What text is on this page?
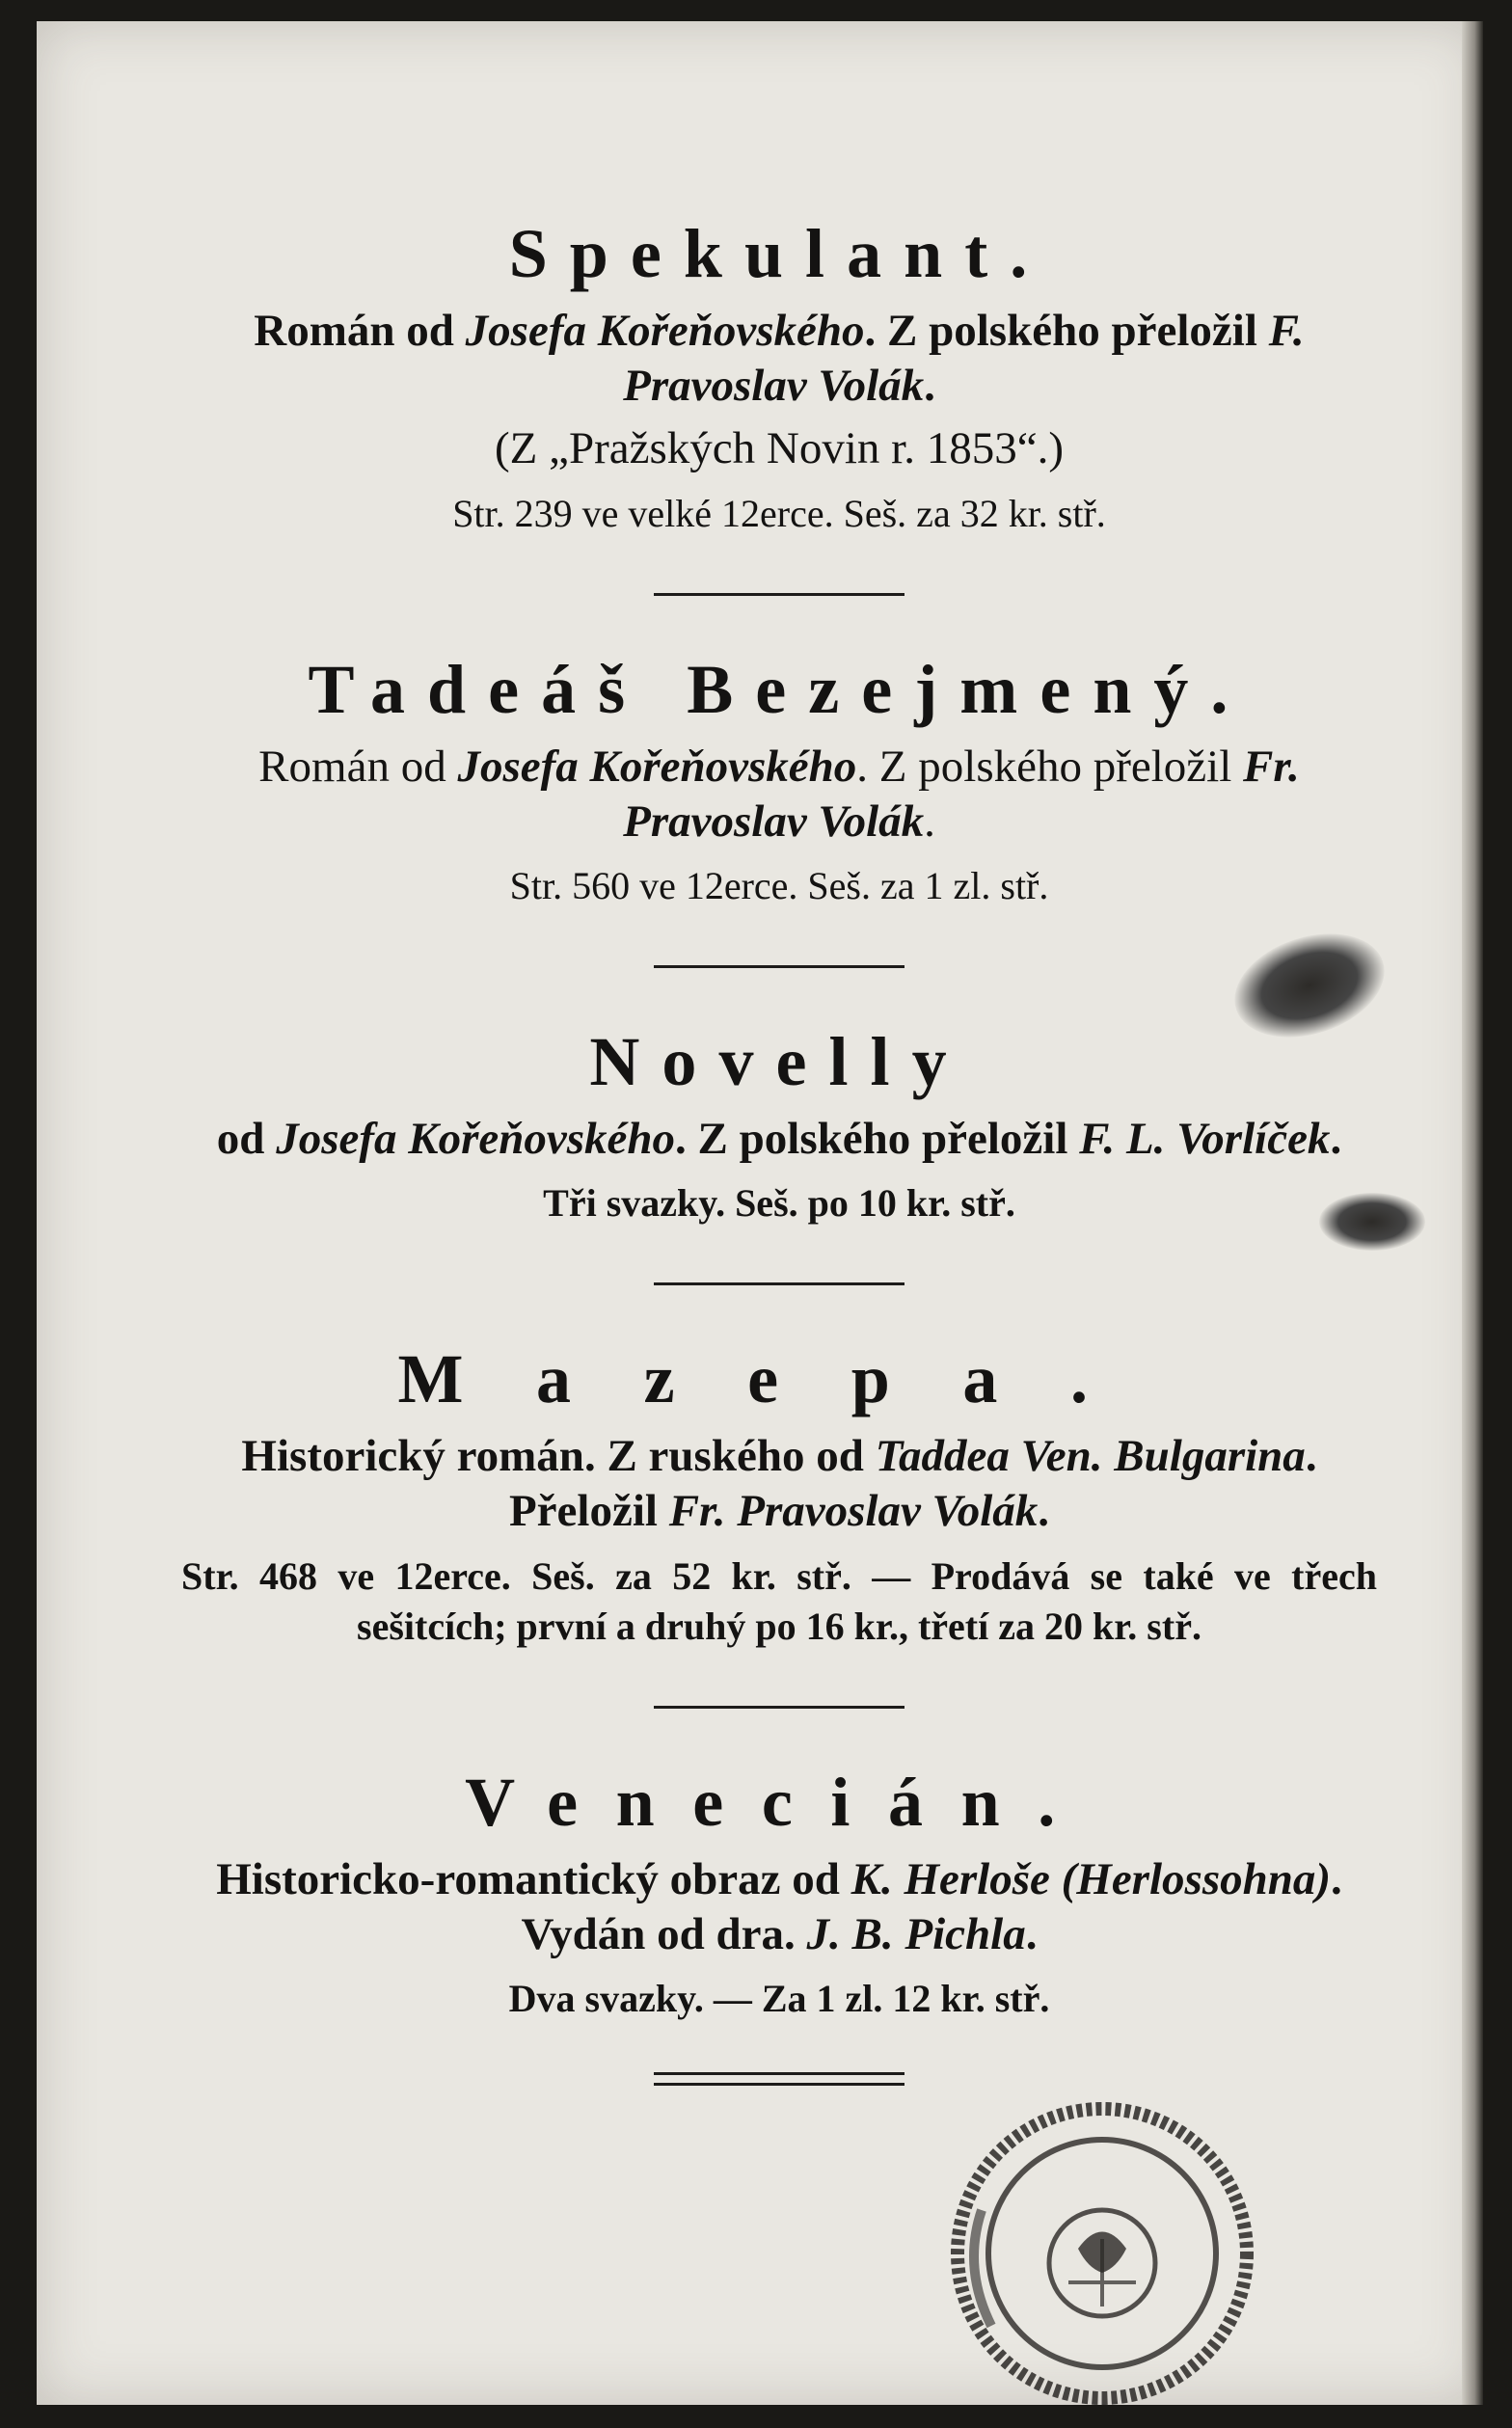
Spekulant.

Román od Josefa Kořeňovského. Z polského přeložil F. Pravoslav Volák.

(Z „Pražských Novin r. 1853“.)

Str. 239 ve velké 12erce. Seš. za 32 kr. stř.

Tadeáš Bezejmený.

Román od Josefa Kořeňovského. Z polského přeložil Fr. Pravoslav Volák.

Str. 560 ve 12erce. Seš. za 1 zl. stř.

Novelly

od Josefa Kořeňovského. Z polského přeložil F. L. Vorlíček.

Tři svazky. Seš. po 10 kr. stř.

Mazepa.

Historický román. Z ruského od Taddea Ven. Bulgarina. Přeložil Fr. Pravoslav Volák.

Str. 468 ve 12erce. Seš. za 52 kr. stř. — Prodává se také ve třech sešitcích; první a druhý po 16 kr., třetí za 20 kr. stř.

Venecián.

Historicko-romantický obraz od K. Herloše (Herlossohna). Vydán od dra. J. B. Pichla.

Dva svazky. — Za 1 zl. 12 kr. stř.
